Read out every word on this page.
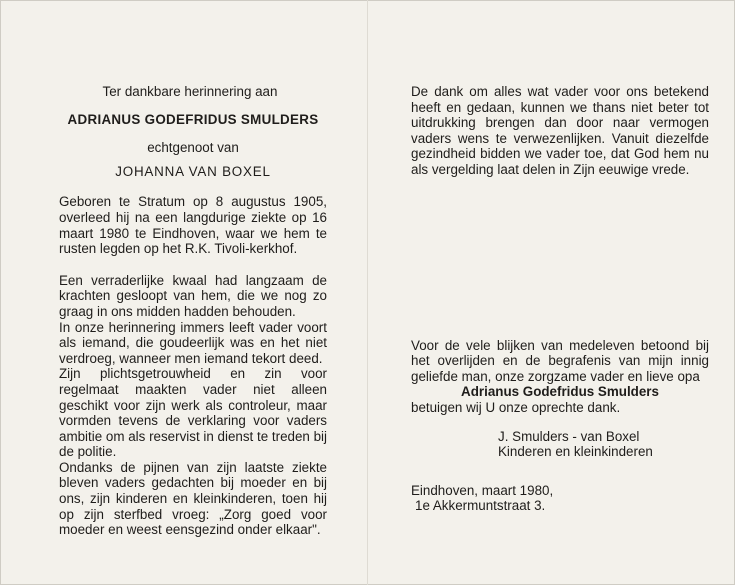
Ter dankbare herinnering aan
ADRIANUS GODEFRIDUS SMULDERS
echtgenoot van
JOHANNA VAN BOXEL
Geboren te Stratum op 8 augustus 1905, overleed hij na een langdurige ziekte op 16 maart 1980 te Eindhoven, waar we hem te rusten legden op het R.K. Tivoli-kerkhof.
Een verraderlijke kwaal had langzaam de krachten gesloopt van hem, die we nog zo graag in ons midden hadden behouden.
In onze herinnering immers leeft vader voort als iemand, die goudeerlijk was en het niet verdroeg, wanneer men iemand tekort deed.
Zijn plichtsgetrouwheid en zin voor regelmaat maakten vader niet alleen geschikt voor zijn werk als controleur, maar vormden tevens de verklaring voor vaders ambitie om als reservist in dienst te treden bij de politie.
Ondanks de pijnen van zijn laatste ziekte bleven vaders gedachten bij moeder en bij ons, zijn kinderen en kleinkinderen, toen hij op zijn sterfbed vroeg: „Zorg goed voor moeder en weest eensgezind onder elkaar".
De dank om alles wat vader voor ons betekend heeft en gedaan, kunnen we thans niet beter tot uitdrukking brengen dan door naar vermogen vaders wens te verwezenlijken. Vanuit diezelfde gezindheid bidden we vader toe, dat God hem nu als vergelding laat delen in Zijn eeuwige vrede.
Voor de vele blijken van medeleven betoond bij het overlijden en de begrafenis van mijn innig geliefde man, onze zorgzame vader en lieve opa
Adrianus Godefridus Smulders
betuigen wij U onze oprechte dank.
J. Smulders - van Boxel
Kinderen en kleinkinderen
Eindhoven, maart 1980,
1e Akkermuntstraat 3.
